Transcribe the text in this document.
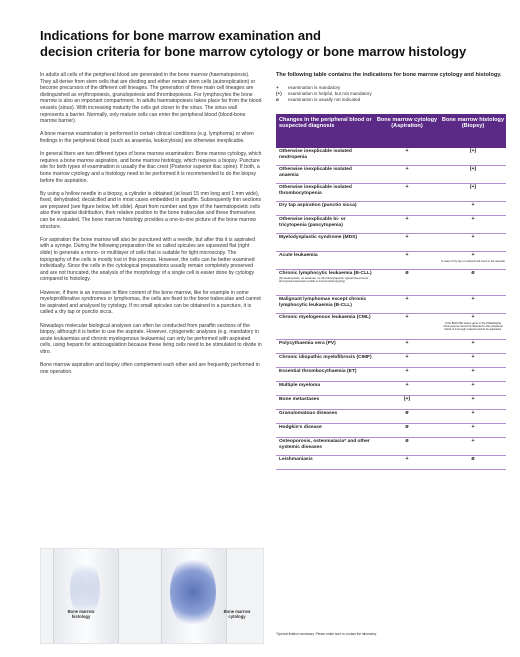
Indications for bone marrow examination and
decision criteria for bone marrow cytology or bone marrow histology

In adults all cells of the peripheral blood are generated in the bone marrow (haematopoiesis). They all derive from stem cells that are dividing and either remain stem cells (autoreplication) or become precursors of the different cell lineages. The generation of three main cell lineages are distinguished as erythropoiesis, granulopoiesis and thrombopoiesis. For lymphocytes the bone marrow is also an important compartment. In adults haematopoiesis takes place far from the blood vessels (sinus). With increasing maturity the cells get closer to the sinus. The sinus wall represents a barrier. Normally, only mature cells can enter the peripheral blood (blood-bone marrow barrier).

A bone marrow examination is performed in certain clinical conditions (e.g. lymphoma) or when findings in the peripheral blood (such as anaemia, leukocytosis) are otherwise inexplicable.

In general there are two different types of bone marrow examination: Bone marrow cytology, which requires a bone marrow aspiration, and bone marrow histology, which requires a biopsy. Puncture site for both types of examination is usually the iliac crest (Posterior superior iliac spine). If both, a bone marrow cytology and a histology need to be performed it is recommended to do the biopsy before the aspiration.

By using a hollow needle in a biopsy, a cylinder is obtained (at least 15 mm long and 1 mm wide), fixed, dehydrated, decalcified and in most cases embedded in paraffin. Subsequently thin sections are prepared (see figure below, left slide). Apart from number and type of the haematopoietic cells also their spatial distribution, their relative position to the bone trabeculae and these themselves can be evaluated. The bone marrow histology provides a one-to-one picture of the bone marrow structure.

For aspiration the bone marrow will also be punctured with a needle, but after this it is aspirated with a syringe. During the following preparation the so called spicules are squeezed flat (right slide) to generate a mono- or multilayer of cells that is suitable for light microscopy. The topography of the cells is mostly lost in this process. However, the cells can be better examined individually. Since the cells in the cytological preparations usually remain completely preserved and are not truncated, the analysis of the morphology of a single cell is easier done by cytology compared to histology.

However, if there is an increase in fibre content of the bone marrow, like for example in some myeloproliferative syndromes or lymphomas, the cells are fixed to the bone trabeculae and cannot be aspirated and analysed by cytology. If no small spicules can be obtained in a puncture, it is called a dry tap or punctio sicca.

Nowadays molecular biological analyses can often be conducted from paraffin sections of the biopsy, although it is better to use the aspirate. However, cytogenetic analyses (e.g. mandatory in acute leukaemias and chronic myelogenous leukaemia) can only be performed with aspirated cells, using heparin for anticoagulation because these living cells need to be stimulated to divide in vitro.

Bone marrow aspiration and biopsy often complement each other and are frequently performed in one operation.

Bone marrow histology
Bone marrow cytology

The following table contains the indications for bone marrow cytology and histology.

+ examination is mandatory
(+) examination is helpful, but not mandatory
ø examination is usually not indicated
Changes in the peripheral blood or suspected diagnosis
Bone marrow cytology (Aspiration)
Bone marrow histology (Biopsy)
Otherwise inexplicable isolated neutropenia
+	(+)
Otherwise inexplicable isolated anaemia
+	(+)
Otherwise inexplicable isolated thrombocytopenia
+	(+)
Dry tap aspiration (punctio sicca)	+
Otherwise inexplicable bi- or tricytopenia (pancytopenia)
+	+
Myelodysplastic syndrome (MDS)	+	+
Acute leukaemia	+	+
In case of dry tap or reduced cell count in the aspirate
Chronic lymphocytic leukaemia (B-CLL)
(No leukocytosis, no anaemia, no thrombocytopenia, typical blood count and typical expression profile in immunophenotyping)
ø	ø
Malignant lymphomas except chronic lymphocytic leukaemia (B-CLL)
+	+
Chronic myelogenous leukaemia (CML)	+	+
If the BCR-ABL fusion gene or the Philadelphia chromosome cannot be detected in the peripheral blood or if enough material cannot be aspirated.
Polycythaemia vera (PV)	+	+
Chronic idiopathic myelofibrosis (CIMF)	+	+
Essential thrombocythaemia (ET)	+	+
Multiple myeloma	+	+
Bone metastases	(+)	+
Granulomatous diseases	ø	+
Hodgkin's disease	ø	+
Osteoporosis, osteomalacia* and other systemic diseases
ø	+
Leishmaniasis	+	ø
*Special fixation necessary. Please make sure to contact the laboratory.
